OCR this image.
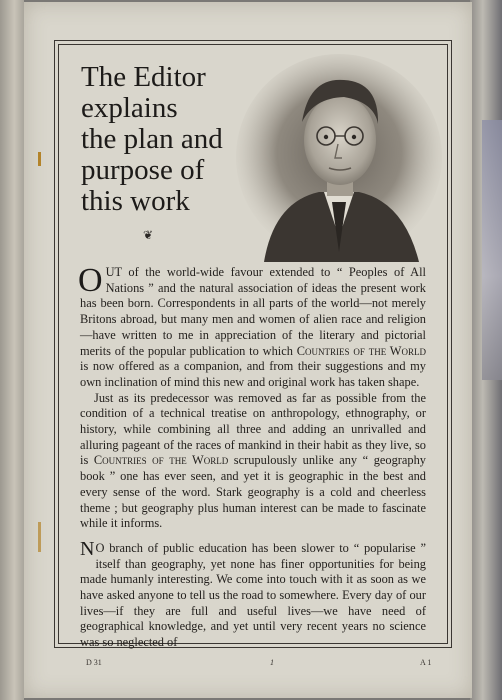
The Editor
explains
the plan and
purpose of
this work
❦

OUT of the world-wide favour extended to “ Peoples of All Nations ” and the natural association of ideas the present work has been born. Correspondents in all parts of the world—not merely Britons abroad, but many men and women of alien race and religion—have written to me in appreciation of the literary and pictorial merits of the popular publication to which Countries of the World is now offered as a companion, and from their suggestions and my own inclination of mind this new and original work has taken shape.

Just as its predecessor was removed as far as possible from the condition of a technical treatise on anthropology, ethnography, or history, while combining all three and adding an unrivalled and alluring pageant of the races of mankind in their habit as they live, so is Countries of the World scrupulously unlike any “ geography book ” one has ever seen, and yet it is geographic in the best and every sense of the word. Stark geography is a cold and cheerless theme ; but geography plus human interest can be made to fascinate while it informs.

N O branch of public education has been slower to “ popularise ” itself than geography, yet none has finer opportunities for being made humanly interesting. We come into touch with it as soon as we have asked anyone to tell us the road to somewhere. Every day of our lives—if they are full and useful lives—we have need of geographical knowledge, and yet until very recent years no science was so neglected of

D 31	1	A 1
